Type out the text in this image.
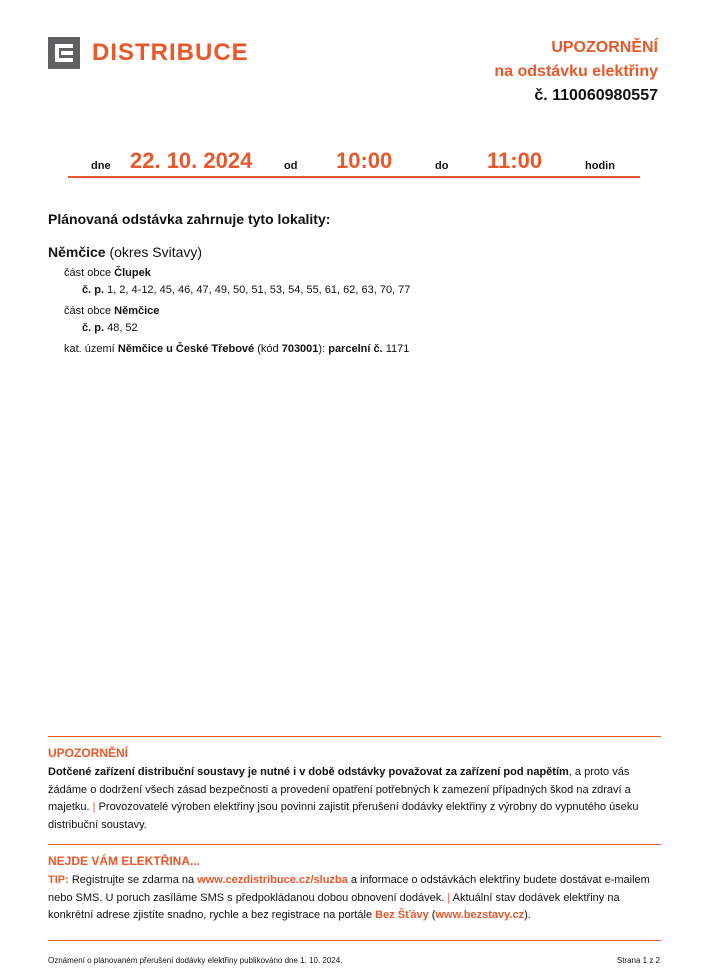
DISTRIBUCE	UPOZORNĚNÍ
na odstávku elektřiny
č. 110060980557
dne 22. 10. 2024	od 10:00	do 11:00	hodin
Plánovaná odstávka zahrnuje tyto lokality:
Němčice (okres Svitavy)
část obce Člupek
č. p. 1, 2, 4-12, 45, 46, 47, 49, 50, 51, 53, 54, 55, 61, 62, 63, 70, 77
část obce Němčice
č. p. 48, 52
kat. území Němčice u České Třebové (kód 703001): parcelní č. 1171
UPOZORNĚNÍ
Dotčené zařízení distribuční soustavy je nutné i v době odstávky považovat za zařízení pod napětím, a proto vás žádáme o dodržení všech zásad bezpečnosti a provedení opatření potřebných k zamezení případných škod na zdraví a majetku. | Provozovatelé výroben elektřiny jsou povinni zajistit přerušení dodávky elektřiny z výrobny do vypnutého úseku distribuční soustavy.
NEJDE VÁM ELEKTŘINA...
TIP: Registrujte se zdarma na www.cezdistribuce.cz/sluzba a informace o odstávkách elektřiny budete dostávat e-mailem nebo SMS. U poruch zasíláme SMS s předpokládanou dobou obnovení dodávek. | Aktuální stav dodávek elektřiny na konkrétní adrese zjistíte snadno, rychle a bez registrace na portále Bez Šťávy (www.bezstavy.cz).
Oznámení o plánovaném přerušení dodávky elektřiny publikováno dne 1. 10. 2024.	Strana 1 z 2
